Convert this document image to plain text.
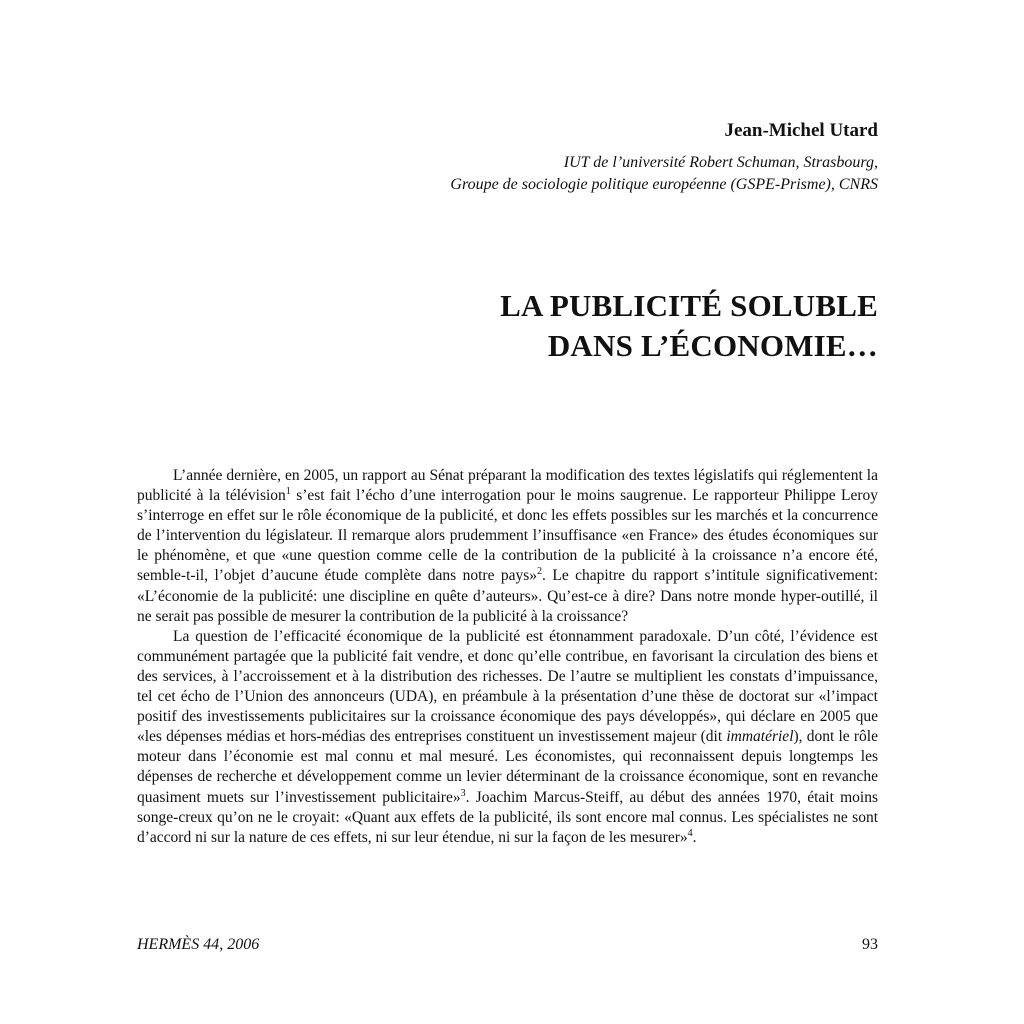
Jean-Michel Utard
IUT de l’université Robert Schuman, Strasbourg,
Groupe de sociologie politique européenne (GSPE-Prisme), CNRS
LA PUBLICITÉ SOLUBLE
DANS L’ÉCONOMIE…

L’année dernière, en 2005, un rapport au Sénat préparant la modification des textes législatifs qui réglementent la publicité à la télévision$^1$ s’est fait l’écho d’une interrogation pour le moins saugrenue. Le rapporteur Philippe Leroy s’interroge en effet sur le rôle économique de la publicité, et donc les effets possibles sur les marchés et la concurrence de l’intervention du législateur. Il remarque alors prudemment l’insuffisance «en France» des études économiques sur le phénomène, et que «une question comme celle de la contribution de la publicité à la croissance n’a encore été, semble-t-il, l’objet d’aucune étude complète dans notre pays»$^2$. Le chapitre du rapport s’intitule significativement: «L’économie de la publicité: une discipline en quête d’auteurs». Qu’est-ce à dire? Dans notre monde hyper-outillé, il ne serait pas possible de mesurer la contribution de la publicité à la croissance?

La question de l’efficacité économique de la publicité est étonnamment paradoxale. D’un côté, l’évidence est communément partagée que la publicité fait vendre, et donc qu’elle contribue, en favorisant la circulation des biens et des services, à l’accroissement et à la distribution des richesses. De l’autre se multiplient les constats d’impuissance, tel cet écho de l’Union des annonceurs (UDA), en préambule à la présentation d’une thèse de doctorat sur «l’impact positif des investissements publicitaires sur la croissance économique des pays développés», qui déclare en 2005 que «les dépenses médias et hors-médias des entreprises constituent un investissement majeur (dit immatériel), dont le rôle moteur dans l’économie est mal connu et mal mesuré. Les économistes, qui reconnaissent depuis longtemps les dépenses de recherche et développement comme un levier déterminant de la croissance économique, sont en revanche quasiment muets sur l’investissement publicitaire»$^3$. Joachim Marcus-Steiff, au début des années 1970, était moins songe-creux qu’on ne le croyait: «Quant aux effets de la publicité, ils sont encore mal connus. Les spécialistes ne sont d’accord ni sur la nature de ces effets, ni sur leur étendue, ni sur la façon de les mesurer»$^4$.

HERMÈS 44, 2006	93
